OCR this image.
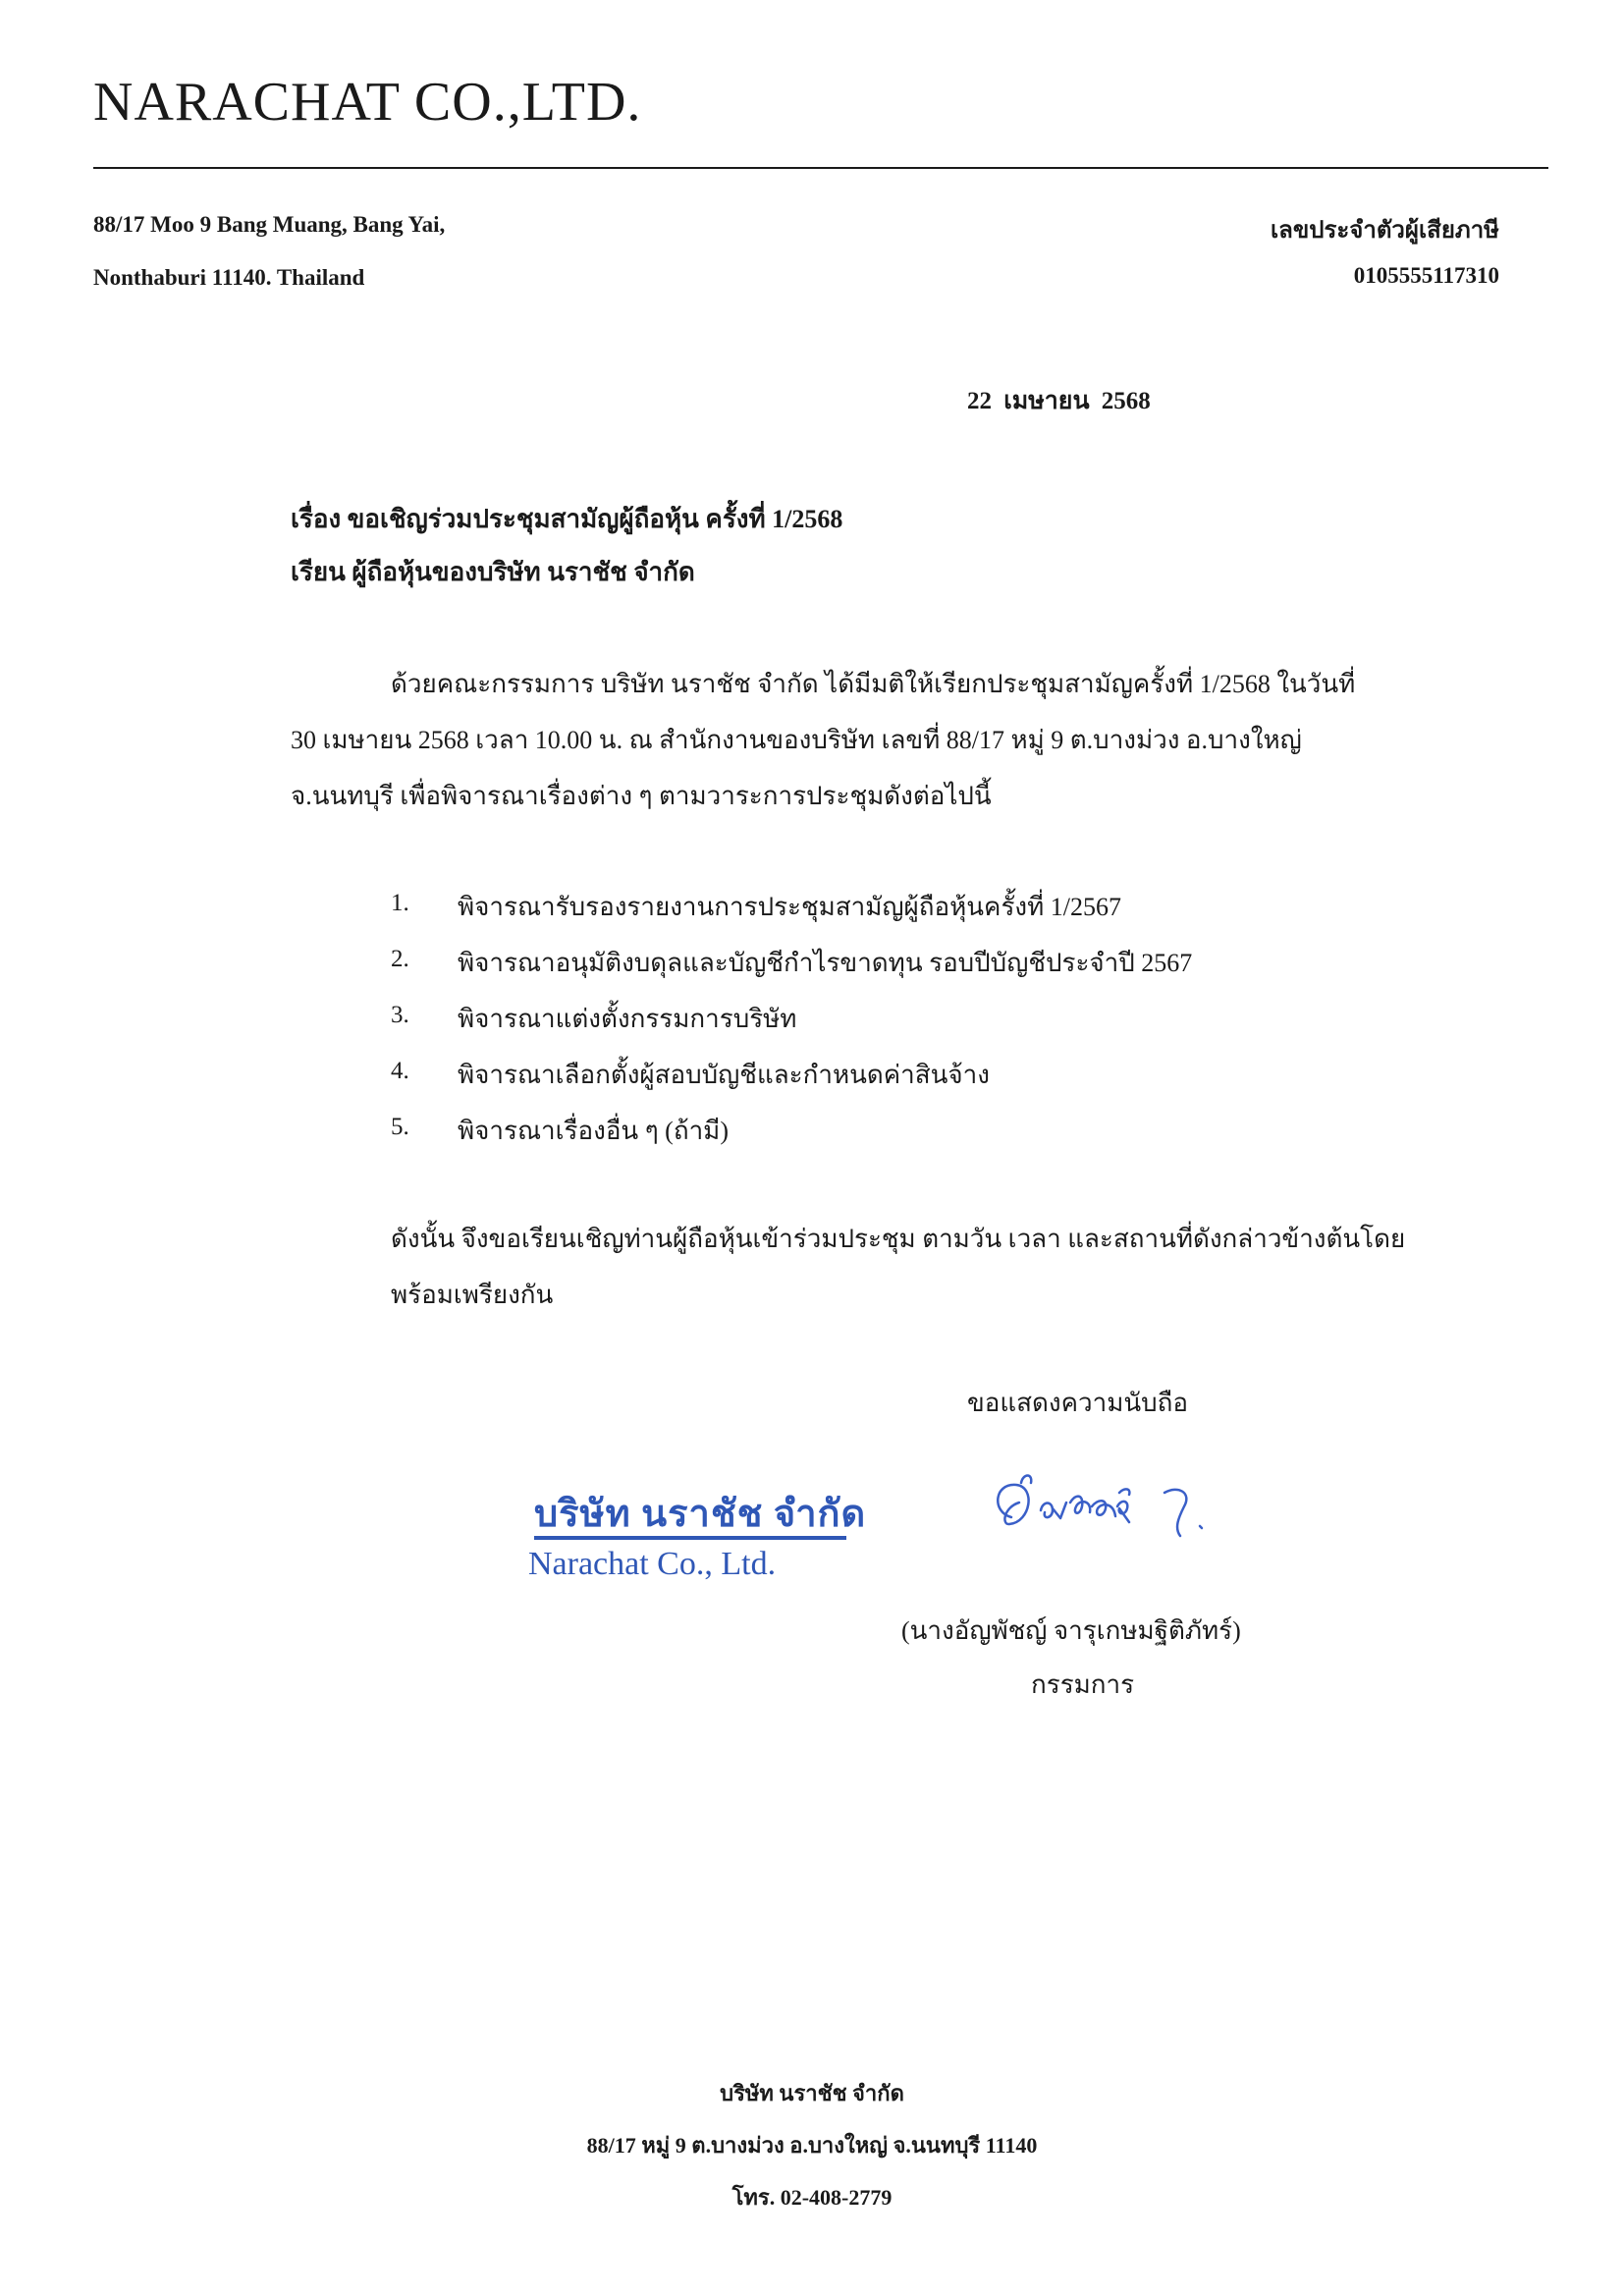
NARACHAT CO.,LTD.
88/17 Moo 9 Bang Muang, Bang Yai,
Nonthaburi 11140. Thailand
เลขประจำตัวผู้เสียภาษี
0105555117310
22 เมษายน 2568
เรื่อง ขอเชิญร่วมประชุมสามัญผู้ถือหุ้น ครั้งที่ 1/2568
เรียน ผู้ถือหุ้นของบริษัท นราชัช จำกัด
ด้วยคณะกรรมการ บริษัท นราชัช จำกัด ได้มีมติให้เรียกประชุมสามัญครั้งที่ 1/2568 ในวันที่
30 เมษายน 2568 เวลา 10.00 น. ณ สำนักงานของบริษัท เลขที่ 88/17 หมู่ 9 ต.บางม่วง อ.บางใหญ่
จ.นนทบุรี เพื่อพิจารณาเรื่องต่าง ๆ ตามวาระการประชุมดังต่อไปนี้
1. พิจารณารับรองรายงานการประชุมสามัญผู้ถือหุ้นครั้งที่ 1/2567
2. พิจารณาอนุมัติงบดุลและบัญชีกำไรขาดทุน รอบปีบัญชีประจำปี 2567
3. พิจารณาแต่งตั้งกรรมการบริษัท
4. พิจารณาเลือกตั้งผู้สอบบัญชีและกำหนดค่าสินจ้าง
5. พิจารณาเรื่องอื่น ๆ (ถ้ามี)
ดังนั้น จึงขอเรียนเชิญท่านผู้ถือหุ้นเข้าร่วมประชุม ตามวัน เวลา และสถานที่ดังกล่าวข้างต้นโดย
พร้อมเพรียงกัน
ขอแสดงความนับถือ
บริษัท นราชัช จำกัด
Narachat Co., Ltd.
(นางอัญพัชญ์ จารุเกษมฐิติภัทร์)
กรรมการ
บริษัท นราชัช จำกัด
88/17 หมู่ 9 ต.บางม่วง อ.บางใหญ่ จ.นนทบุรี 11140
โทร. 02-408-2779
